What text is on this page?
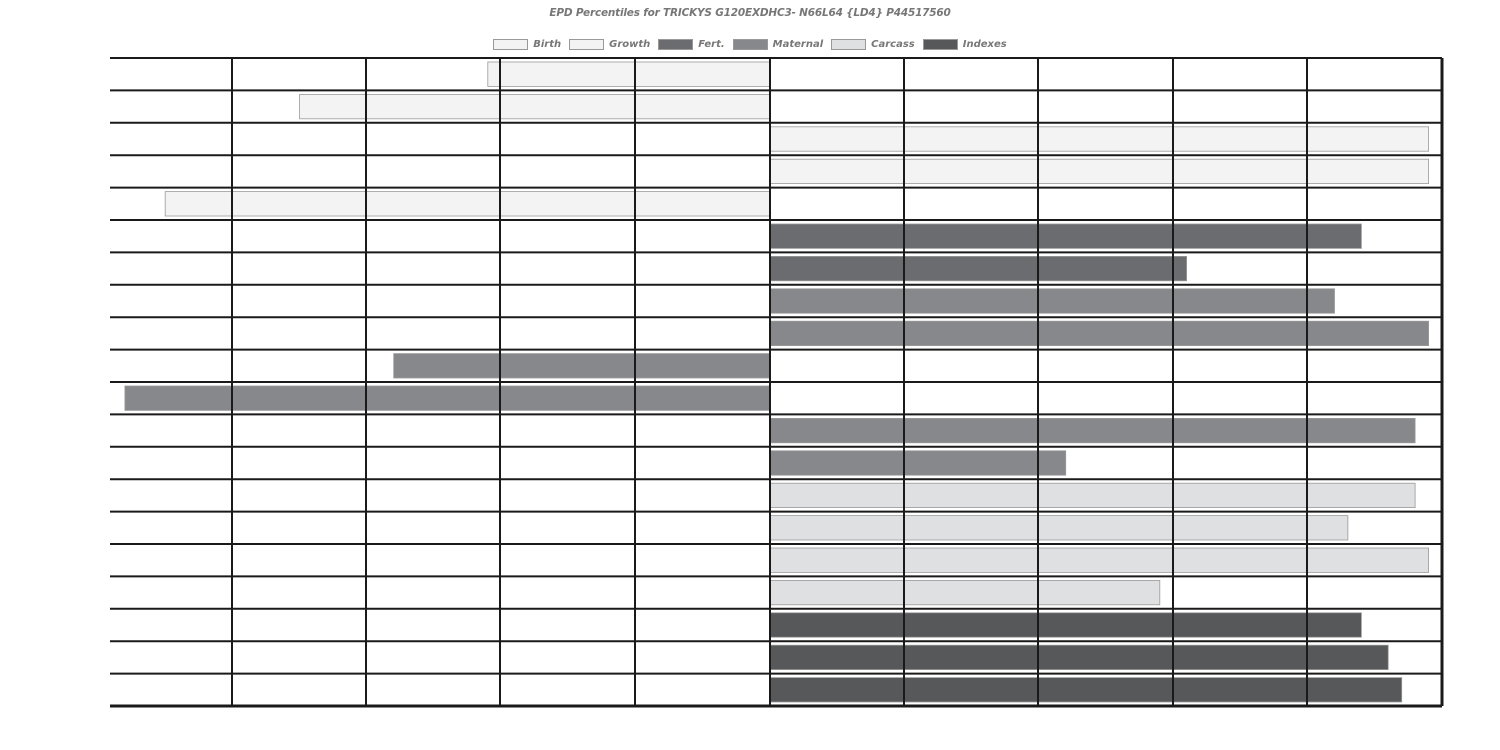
EPD Percentiles for TRICKYS G120EXDHC3- N66L64 {LD4} P44517560
Birth	Growth	Fert.	Maternal	Carcass	Indexes
